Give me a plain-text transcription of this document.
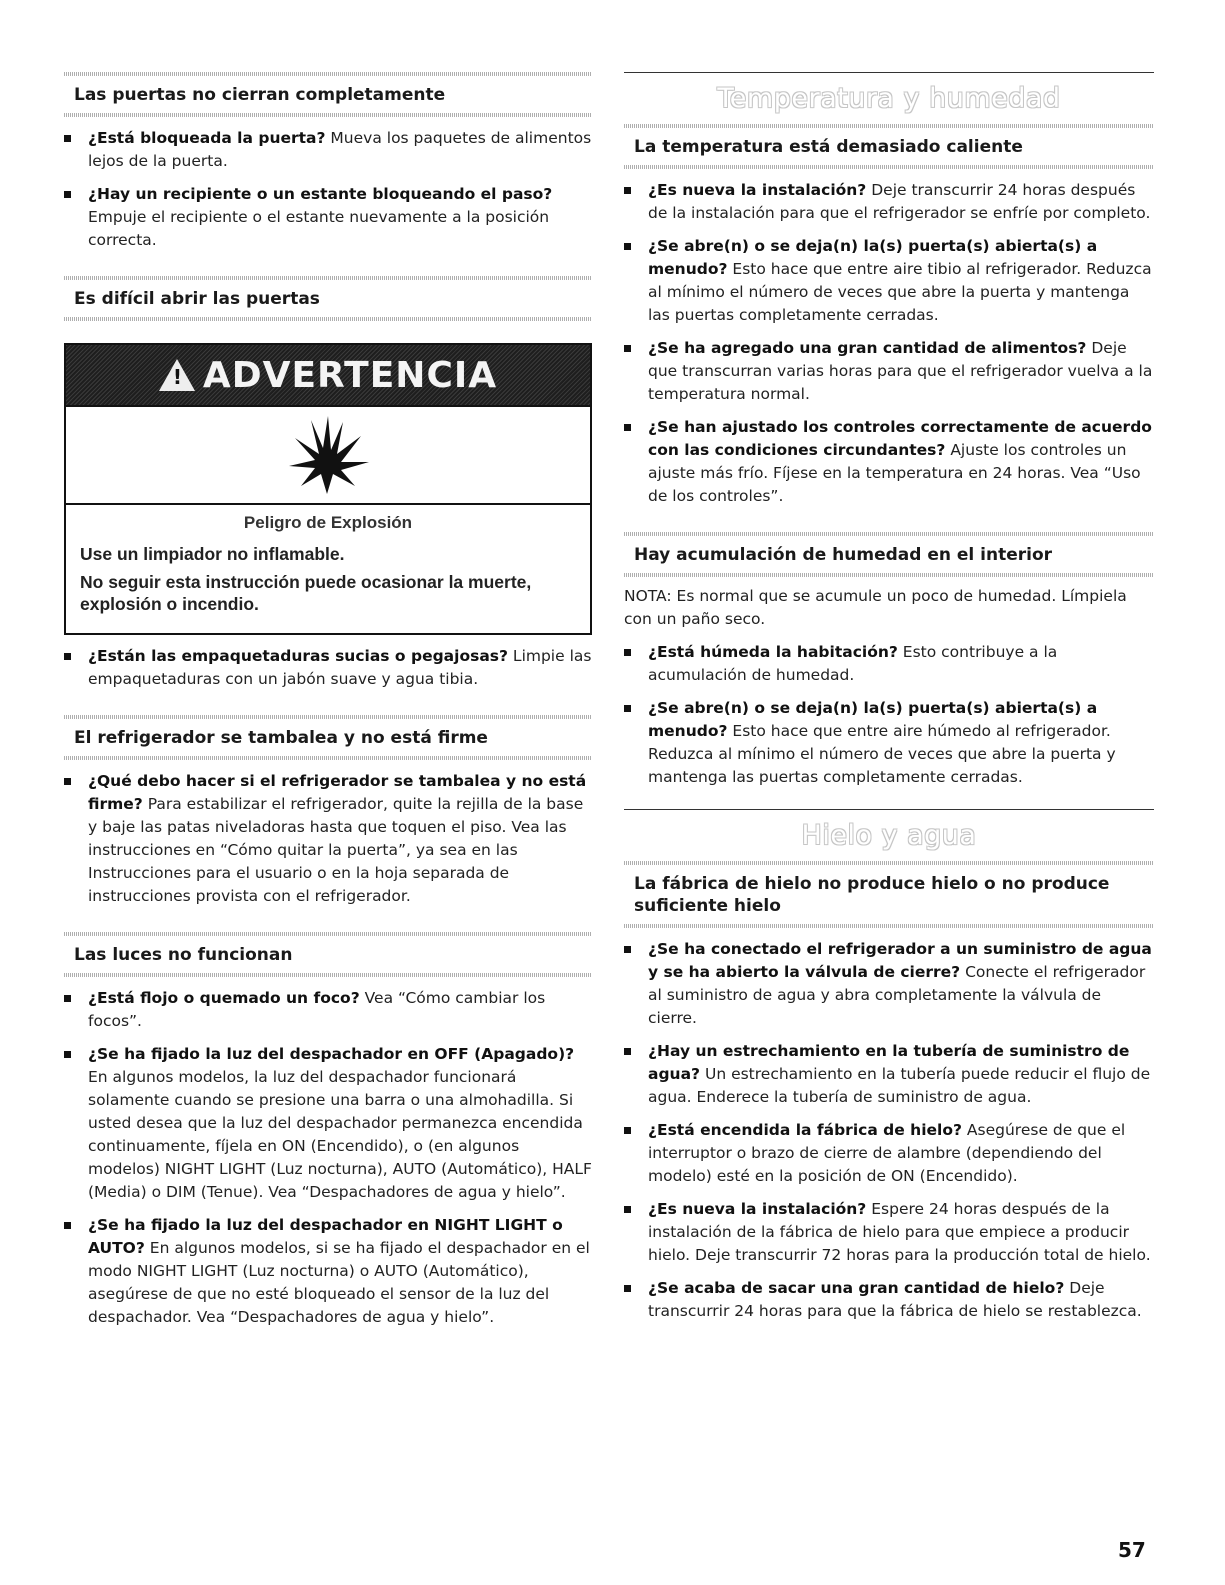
Las puertas no cierran completamente
¿Está bloqueada la puerta? Mueva los paquetes de alimentos lejos de la puerta.
¿Hay un recipiente o un estante bloqueando el paso? Empuje el recipiente o el estante nuevamente a la posición correcta.
Es difícil abrir las puertas
! ADVERTENCIA
Peligro de Explosión
Use un limpiador no inflamable.
No seguir esta instrucción puede ocasionar la muerte, explosión o incendio.
¿Están las empaquetaduras sucias o pegajosas? Limpie las empaquetaduras con un jabón suave y agua tibia.
El refrigerador se tambalea y no está firme
¿Qué debo hacer si el refrigerador se tambalea y no está firme? Para estabilizar el refrigerador, quite la rejilla de la base y baje las patas niveladoras hasta que toquen el piso. Vea las instrucciones en “Cómo quitar la puerta”, ya sea en las Instrucciones para el usuario o en la hoja separada de instrucciones provista con el refrigerador.
Las luces no funcionan
¿Está flojo o quemado un foco? Vea “Cómo cambiar los focos”.
¿Se ha fijado la luz del despachador en OFF (Apagado)? En algunos modelos, la luz del despachador funcionará solamente cuando se presione una barra o una almohadilla. Si usted desea que la luz del despachador permanezca encendida continuamente, fíjela en ON (Encendido), o (en algunos modelos) NIGHT LIGHT (Luz nocturna), AUTO (Automático), HALF (Media) o DIM (Tenue). Vea “Despachadores de agua y hielo”.
¿Se ha fijado la luz del despachador en NIGHT LIGHT o AUTO? En algunos modelos, si se ha fijado el despachador en el modo NIGHT LIGHT (Luz nocturna) o AUTO (Automático), asegúrese de que no esté bloqueado el sensor de la luz del despachador. Vea “Despachadores de agua y hielo”.
Temperatura y humedad
La temperatura está demasiado caliente
¿Es nueva la instalación? Deje transcurrir 24 horas después de la instalación para que el refrigerador se enfríe por completo.
¿Se abre(n) o se deja(n) la(s) puerta(s) abierta(s) a menudo? Esto hace que entre aire tibio al refrigerador. Reduzca al mínimo el número de veces que abre la puerta y mantenga las puertas completamente cerradas.
¿Se ha agregado una gran cantidad de alimentos? Deje que transcurran varias horas para que el refrigerador vuelva a la temperatura normal.
¿Se han ajustado los controles correctamente de acuerdo con las condiciones circundantes? Ajuste los controles un ajuste más frío. Fíjese en la temperatura en 24 horas. Vea “Uso de los controles”.
Hay acumulación de humedad en el interior
NOTA: Es normal que se acumule un poco de humedad. Límpiela con un paño seco.
¿Está húmeda la habitación? Esto contribuye a la acumulación de humedad.
¿Se abre(n) o se deja(n) la(s) puerta(s) abierta(s) a menudo? Esto hace que entre aire húmedo al refrigerador. Reduzca al mínimo el número de veces que abre la puerta y mantenga las puertas completamente cerradas.
Hielo y agua
La fábrica de hielo no produce hielo o no produce suficiente hielo
¿Se ha conectado el refrigerador a un suministro de agua y se ha abierto la válvula de cierre? Conecte el refrigerador al suministro de agua y abra completamente la válvula de cierre.
¿Hay un estrechamiento en la tubería de suministro de agua? Un estrechamiento en la tubería puede reducir el flujo de agua. Enderece la tubería de suministro de agua.
¿Está encendida la fábrica de hielo? Asegúrese de que el interruptor o brazo de cierre de alambre (dependiendo del modelo) esté en la posición de ON (Encendido).
¿Es nueva la instalación? Espere 24 horas después de la instalación de la fábrica de hielo para que empiece a producir hielo. Deje transcurrir 72 horas para la producción total de hielo.
¿Se acaba de sacar una gran cantidad de hielo? Deje transcurrir 24 horas para que la fábrica de hielo se restablezca.
57
